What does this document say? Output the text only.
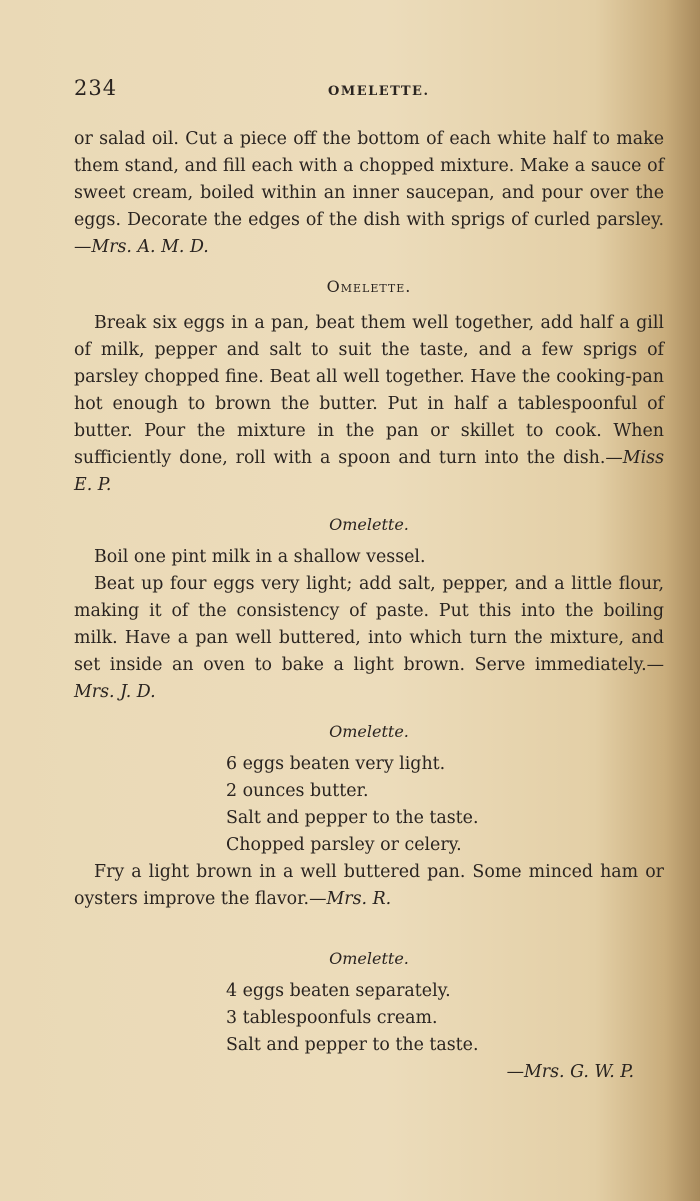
234	OMELETTE.

or salad oil. Cut a piece off the bottom of each white half to make them stand, and fill each with a chopped mixture. Make a sauce of sweet cream, boiled within an inner saucepan, and pour over the eggs. Decorate the edges of the dish with sprigs of curled parsley.—Mrs. A. M. D.

Omelette.

Break six eggs in a pan, beat them well together, add half a gill of milk, pepper and salt to suit the taste, and a few sprigs of parsley chopped fine. Beat all well together. Have the cooking-pan hot enough to brown the butter. Put in half a tablespoonful of butter. Pour the mixture in the pan or skillet to cook. When sufficiently done, roll with a spoon and turn into the dish.—Miss E. P.

Omelette.

Boil one pint milk in a shallow vessel.

Beat up four eggs very light; add salt, pepper, and a little flour, making it of the consistency of paste. Put this into the boiling milk. Have a pan well buttered, into which turn the mixture, and set inside an oven to bake a light brown. Serve immediately.—Mrs. J. D.

Omelette.

6 eggs beaten very light.
2 ounces butter.
Salt and pepper to the taste.
Chopped parsley or celery.

Fry a light brown in a well buttered pan. Some minced ham or oysters improve the flavor.—Mrs. R.

Omelette.

4 eggs beaten separately.
3 tablespoonfuls cream.
Salt and pepper to the taste.

—Mrs. G. W. P.
